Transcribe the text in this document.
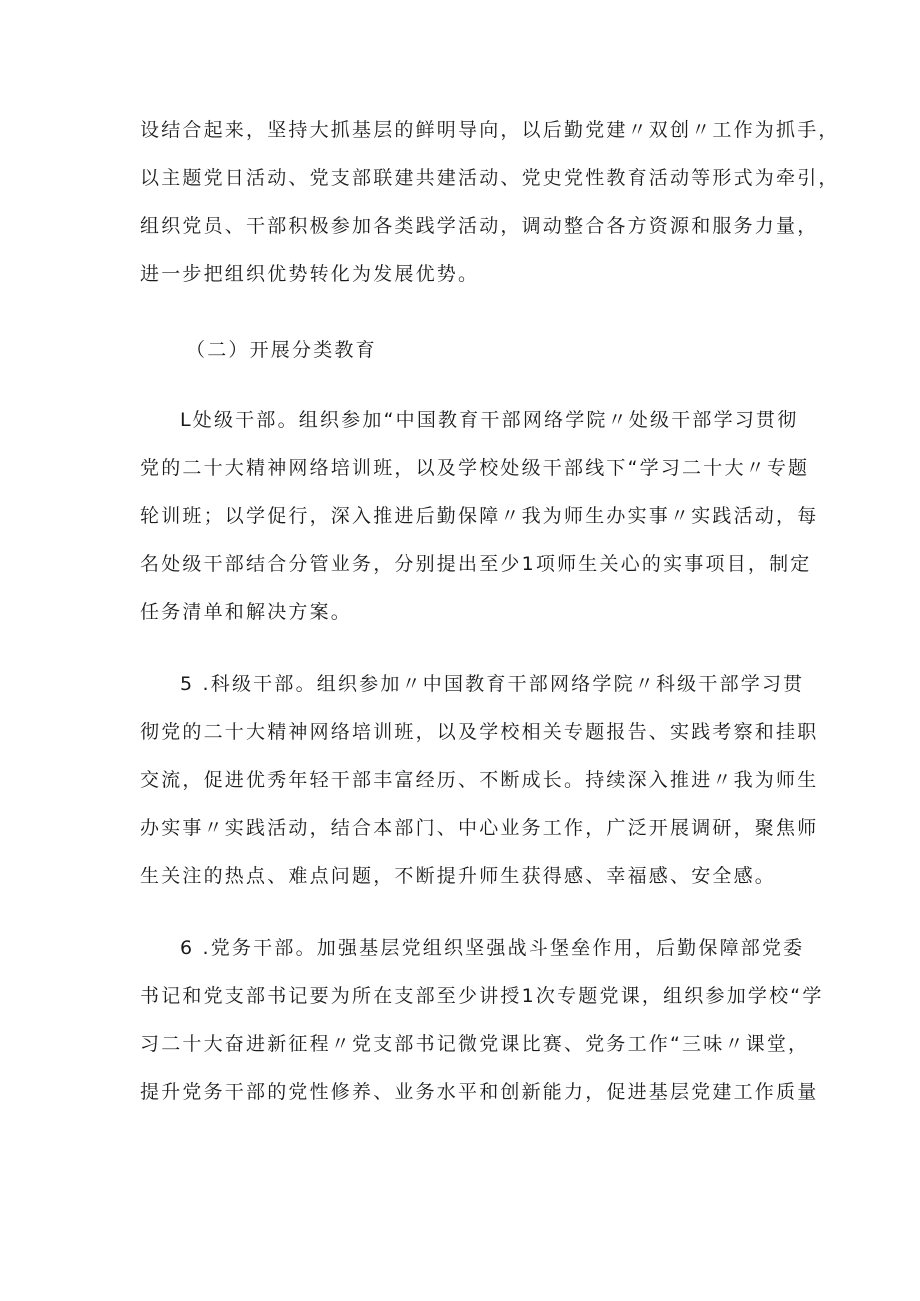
设结合起来，坚持大抓基层的鲜明导向，以后勤党建〃双创〃工作为抓手，
以主题党日活动、党支部联建共建活动、党史党性教育活动等形式为牵引，
组织党员、干部积极参加各类践学活动，调动整合各方资源和服务力量，
进一步把组织优势转化为发展优势。
（二）开展分类教育
L处级干部。组织参加“中国教育干部网络学院〃处级干部学习贯彻
党的二十大精神网络培训班，以及学校处级干部线下“学习二十大〃专题
轮训班；以学促行，深入推进后勤保障〃我为师生办实事〃实践活动，每
名处级干部结合分管业务，分别提出至少1项师生关心的实事项目，制定
任务清单和解决方案。
5 .科级干部。组织参加〃中国教育干部网络学院〃科级干部学习贯
彻党的二十大精神网络培训班，以及学校相关专题报告、实践考察和挂职
交流，促进优秀年轻干部丰富经历、不断成长。持续深入推进〃我为师生
办实事〃实践活动，结合本部门、中心业务工作，广泛开展调研，聚焦师
生关注的热点、难点问题，不断提升师生获得感、幸福感、安全感。
6 .党务干部。加强基层党组织坚强战斗堡垒作用，后勤保障部党委
书记和党支部书记要为所在支部至少讲授1次专题党课，组织参加学校“学
习二十大奋进新征程〃党支部书记微党课比赛、党务工作“三味〃课堂，
提升党务干部的党性修养、业务水平和创新能力，促进基层党建工作质量
